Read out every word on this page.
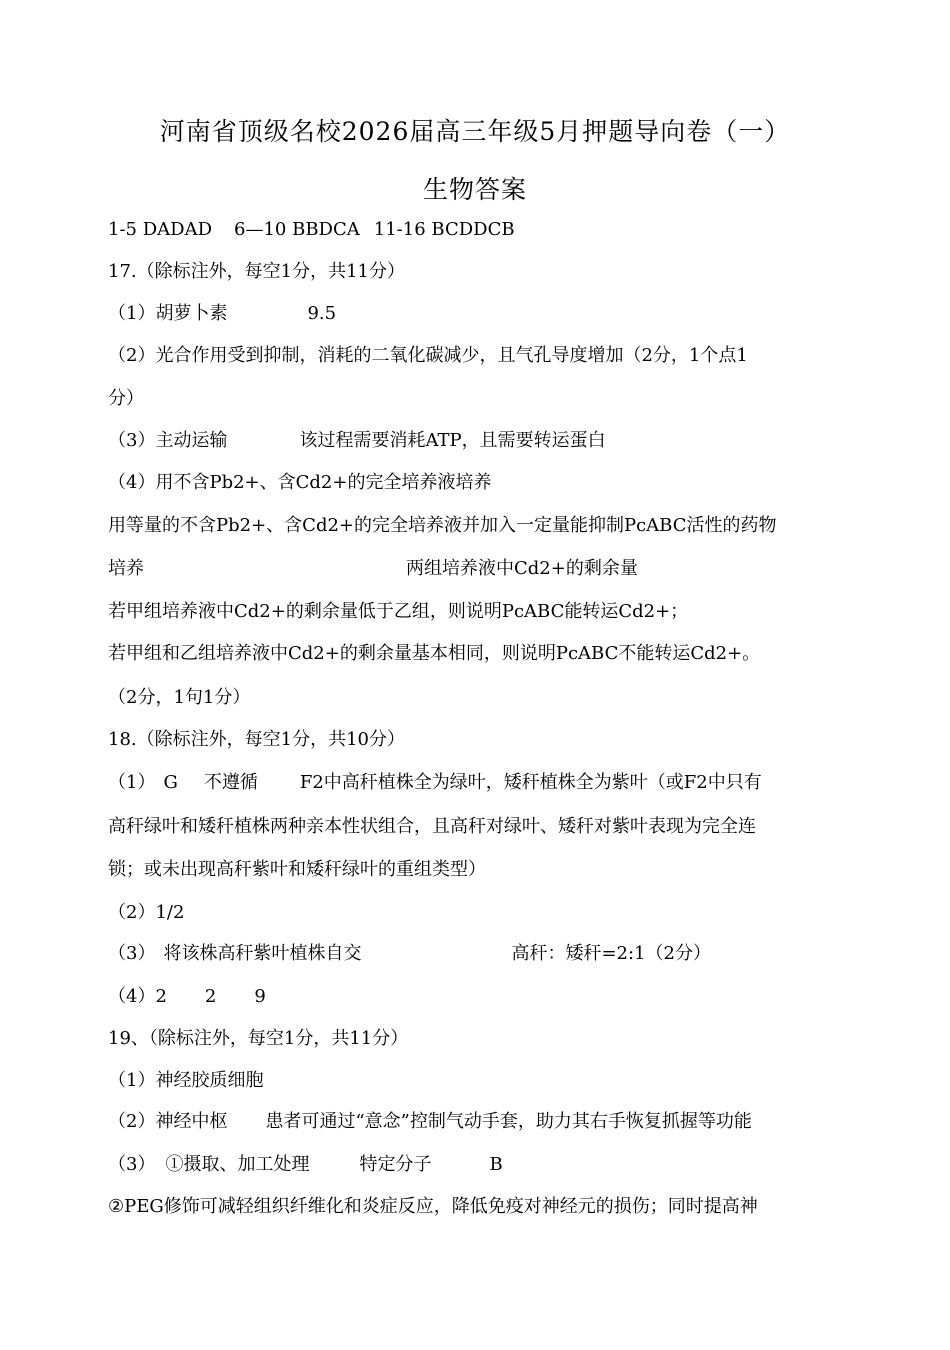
河南省顶级名校2026届高三年级5月押题导向卷（一）
生物答案
1-5 DADAD 6—10 BBDCA 11-16 BCDDCB
17.（除标注外，每空1分，共11分）
（1）胡萝卜素	9.5
（2）光合作用受到抑制，消耗的二氧化碳减少，且气孔导度增加（2分，1个点1
分）
（3）主动运输	该过程需要消耗ATP，且需要转运蛋白
（4）用不含Pb2+、含Cd2+的完全培养液培养
用等量的不含Pb2+、含Cd2+的完全培养液并加入一定量能抑制PcABC活性的药物
培养	两组培养液中Cd2+的剩余量
若甲组培养液中Cd2+的剩余量低于乙组，则说明PcABC能转运Cd2+；
若甲组和乙组培养液中Cd2+的剩余量基本相同，则说明PcABC不能转运Cd2+。
（2分，1句1分）
18.（除标注外，每空1分，共10分）
（1） G 不遵循 F2中高秆植株全为绿叶，矮秆植株全为紫叶（或F2中只有
高秆绿叶和矮秆植株两种亲本性状组合，且高秆对绿叶、矮秆对紫叶表现为完全连
锁；或未出现高秆紫叶和矮秆绿叶的重组类型）
（2）1/2
（3） 将该株高秆紫叶植株自交	高秆：矮秆=2:1（2分）
（4）2 2 9
19、（除标注外，每空1分，共11分）
（1）神经胶质细胞
（2）神经中枢 患者可通过“意念”控制气动手套，助力其右手恢复抓握等功能
（3） ①摄取、加工处理	特定分子	B
②PEG修饰可减轻组织纤维化和炎症反应，降低免疫对神经元的损伤；同时提高神
